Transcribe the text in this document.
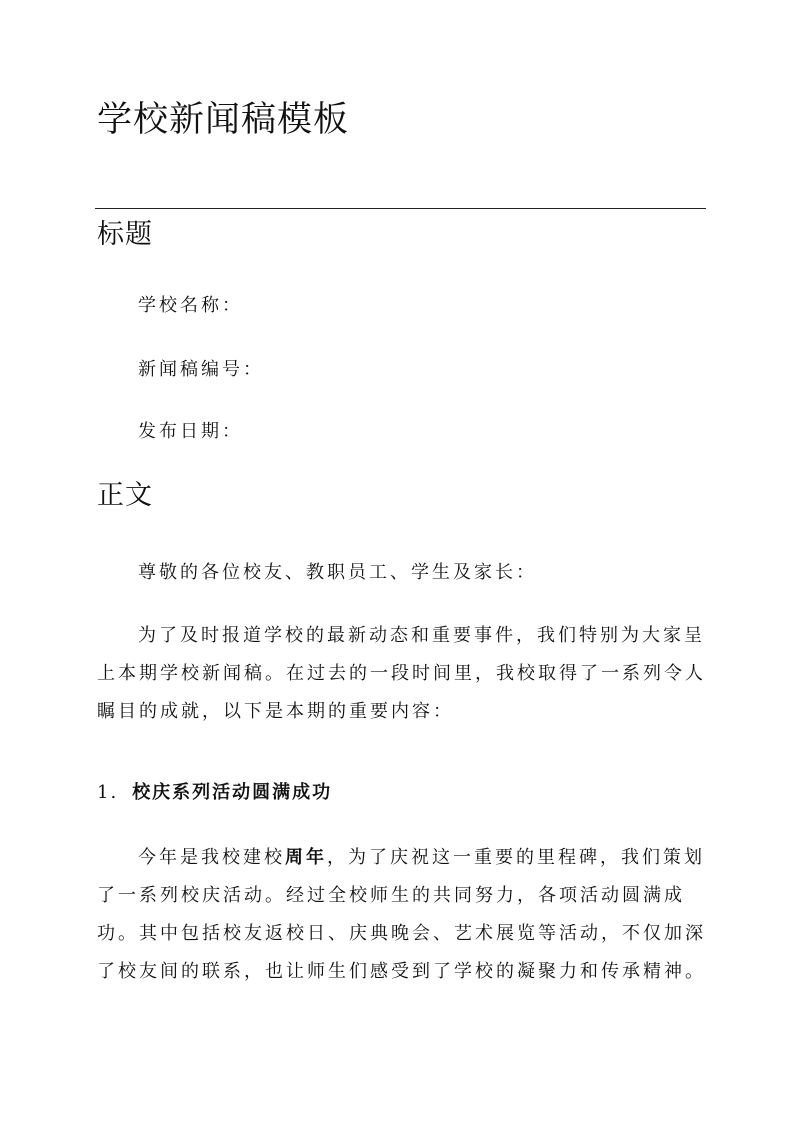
学校新闻稿模板
标题
学校名称：
新闻稿编号：
发布日期：
正文

尊敬的各位校友、教职员工、学生及家长：

为了及时报道学校的最新动态和重要事件，我们特别为大家呈上本期学校新闻稿。在过去的一段时间里，我校取得了一系列令人瞩目的成就，以下是本期的重要内容：

1. 校庆系列活动圆满成功

今年是我校建校周年，为了庆祝这一重要的里程碑，我们策划了一系列校庆活动。经过全校师生的共同努力，各项活动圆满成功。其中包括校友返校日、庆典晚会、艺术展览等活动，不仅加深了校友间的联系，也让师生们感受到了学校的凝聚力和传承精神。
